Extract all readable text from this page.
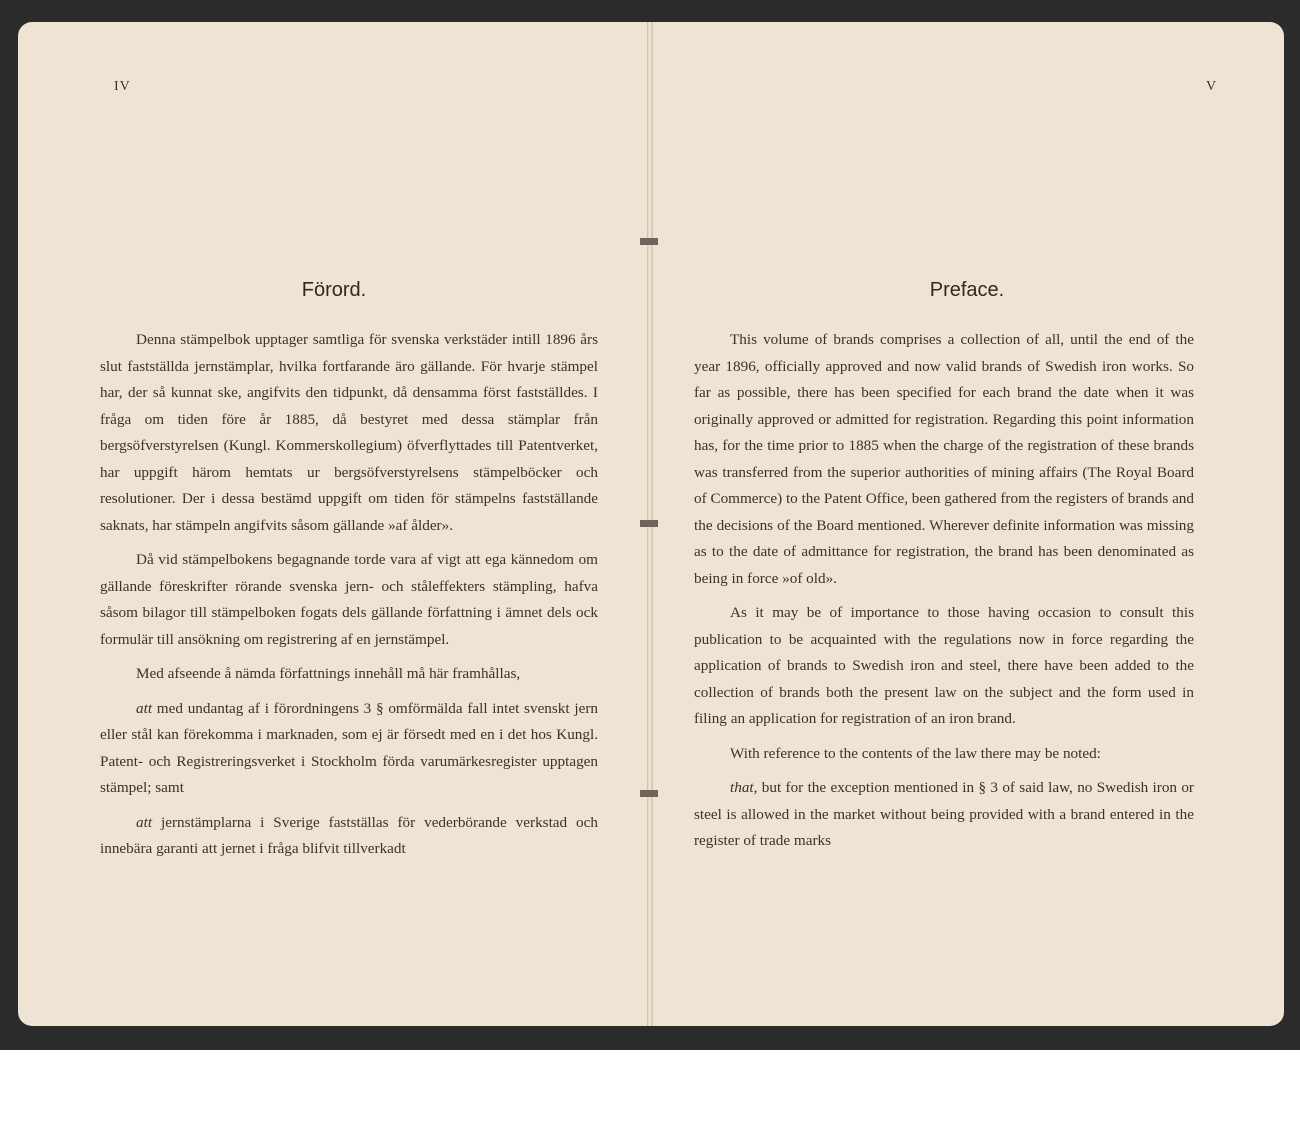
IV
Förord.

Denna stämpelbok upptager samtliga för svenska verkstäder intill 1896 års slut fastställda jernstämplar, hvilka fortfarande äro gällande. För hvarje stämpel har, der så kunnat ske, angifvits den tidpunkt, då densamma först fastställdes. I fråga om tiden före år 1885, då bestyret med dessa stämplar från bergsöfverstyrelsen (Kungl. Kommerskollegium) öfverflyttades till Patentverket, har uppgift härom hemtats ur bergsöfverstyrelsens stämpelböcker och resolutioner. Der i dessa bestämd uppgift om tiden för stämpelns fastställande saknats, har stämpeln angifvits såsom gällande »af ålder».

Då vid stämpelbokens begagnande torde vara af vigt att ega kännedom om gällande föreskrifter rörande svenska jern- och ståleffekters stämpling, hafva såsom bilagor till stämpelboken fogats dels gällande författning i ämnet dels ock formulär till ansökning om registrering af en jernstämpel.

Med afseende å nämda författnings innehåll må här framhållas,

att med undantag af i förordningens 3 § omförmälda fall intet svenskt jern eller stål kan förekomma i marknaden, som ej är försedt med en i det hos Kungl. Patent- och Registreringsverket i Stockholm förda varumärkesregister upptagen stämpel; samt

att jernstämplarna i Sverige fastställas för vederbörande verkstad och innebära garanti att jernet i fråga blifvit tillverkadt

V
Preface.

This volume of brands comprises a collection of all, until the end of the year 1896, officially approved and now valid brands of Swedish iron works. So far as possible, there has been specified for each brand the date when it was originally approved or admitted for registration. Regarding this point information has, for the time prior to 1885 when the charge of the registration of these brands was transferred from the superior authorities of mining affairs (The Royal Board of Commerce) to the Patent Office, been gathered from the registers of brands and the decisions of the Board mentioned. Wherever definite information was missing as to the date of admittance for registration, the brand has been denominated as being in force »of old».

As it may be of importance to those having occasion to consult this publication to be acquainted with the regulations now in force regarding the application of brands to Swedish iron and steel, there have been added to the collection of brands both the present law on the subject and the form used in filing an application for registration of an iron brand.

With reference to the contents of the law there may be noted:

that, but for the exception mentioned in § 3 of said law, no Swedish iron or steel is allowed in the market without being provided with a brand entered in the register of trade marks
